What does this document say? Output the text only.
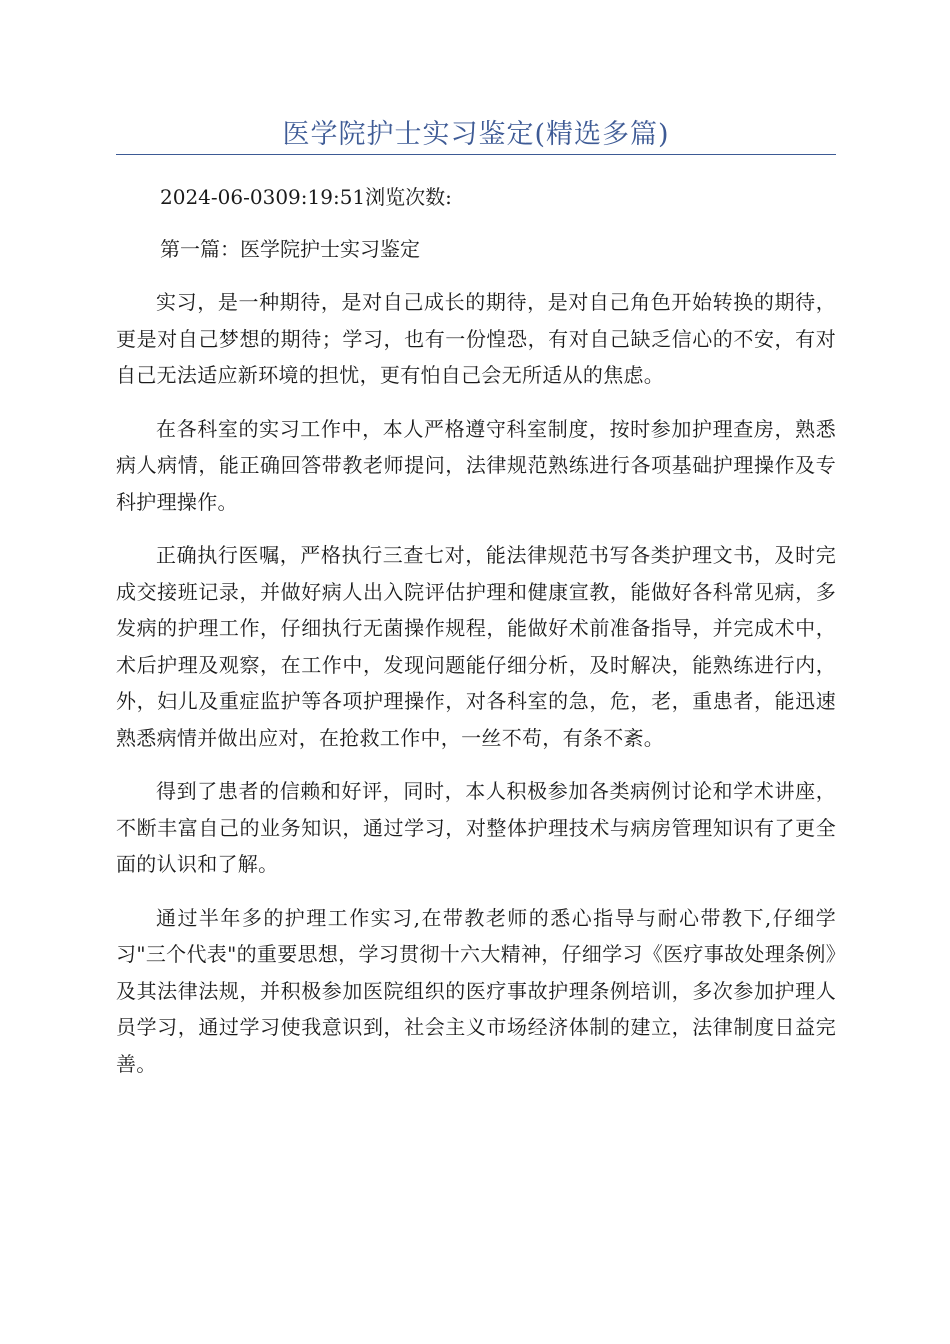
医学院护士实习鉴定(精选多篇)

2024-06-0309:19:51浏览次数:

第一篇：医学院护士实习鉴定

实习，是一种期待，是对自己成长的期待，是对自己角色开始转换的期待，更是对自己梦想的期待；学习，也有一份惶恐，有对自己缺乏信心的不安，有对自己无法适应新环境的担忧，更有怕自己会无所适从的焦虑。

在各科室的实习工作中，本人严格遵守科室制度，按时参加护理查房，熟悉病人病情，能正确回答带教老师提问，法律规范熟练进行各项基础护理操作及专科护理操作。

正确执行医嘱，严格执行三查七对，能法律规范书写各类护理文书，及时完成交接班记录，并做好病人出入院评估护理和健康宣教，能做好各科常见病，多发病的护理工作，仔细执行无菌操作规程，能做好术前准备指导，并完成术中，术后护理及观察，在工作中，发现问题能仔细分析，及时解决，能熟练进行内，外，妇儿及重症监护等各项护理操作，对各科室的急，危，老，重患者，能迅速熟悉病情并做出应对，在抢救工作中，一丝不苟，有条不紊。

得到了患者的信赖和好评，同时，本人积极参加各类病例讨论和学术讲座，不断丰富自己的业务知识，通过学习，对整体护理技术与病房管理知识有了更全面的认识和了解。

通过半年多的护理工作实习,在带教老师的悉心指导与耐心带教下,仔细学习"三个代表"的重要思想，学习贯彻十六大精神，仔细学习《医疗事故处理条例》及其法律法规，并积极参加医院组织的医疗事故护理条例培训，多次参加护理人员学习，通过学习使我意识到，社会主义市场经济体制的建立，法律制度日益完善。
